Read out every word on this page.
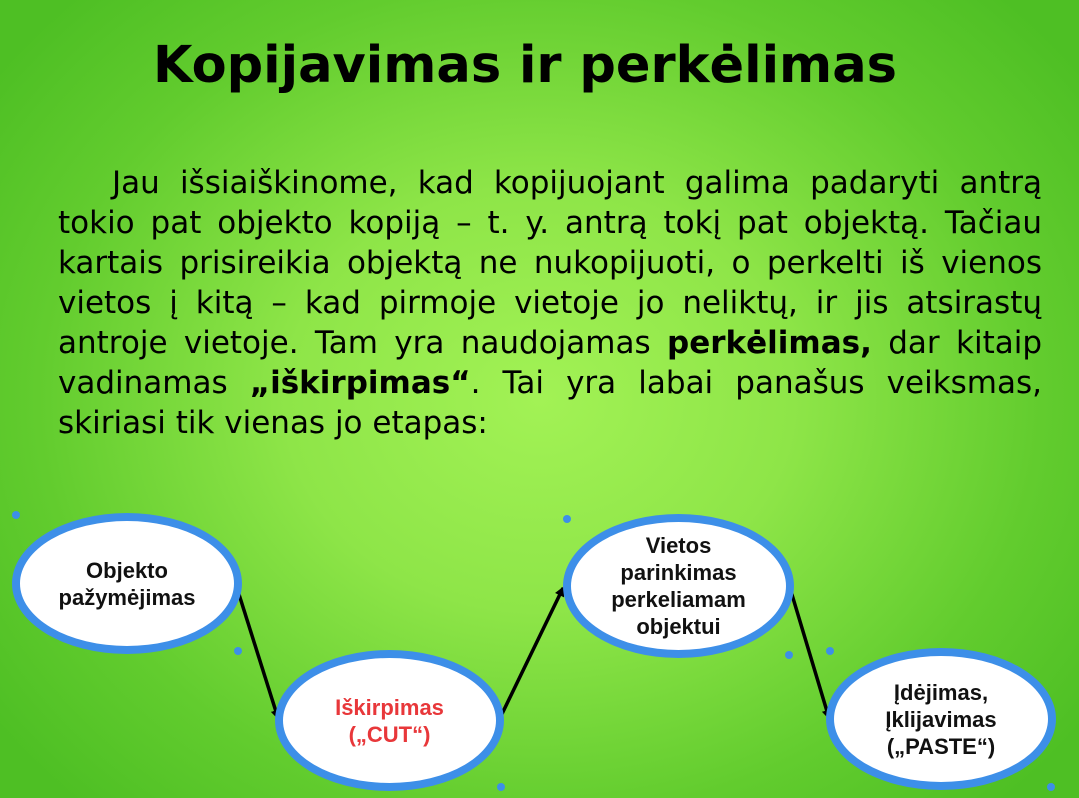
Kopijavimas ir perkėlimas

Jau išsiaiškinome, kad kopijuojant galima padaryti antrą tokio pat objekto kopiją – t. y. antrą tokį pat objektą. Tačiau kartais prisireikia objektą ne nukopijuoti, o perkelti iš vienos vietos į kitą – kad pirmoje vietoje jo neliktų, ir jis atsirastų antroje vietoje. Tam yra naudojamas perkėlimas, dar kitaip vadinamas „iškirpimas“. Tai yra labai panašus veiksmas, skiriasi tik vienas jo etapas:

Objekto
pažymėjimas
Iškirpimas
(„CUT“)
Vietos
parinkimas
perkeliamam
objektui
Įdėjimas,
Įklijavimas
(„PASTE“)
